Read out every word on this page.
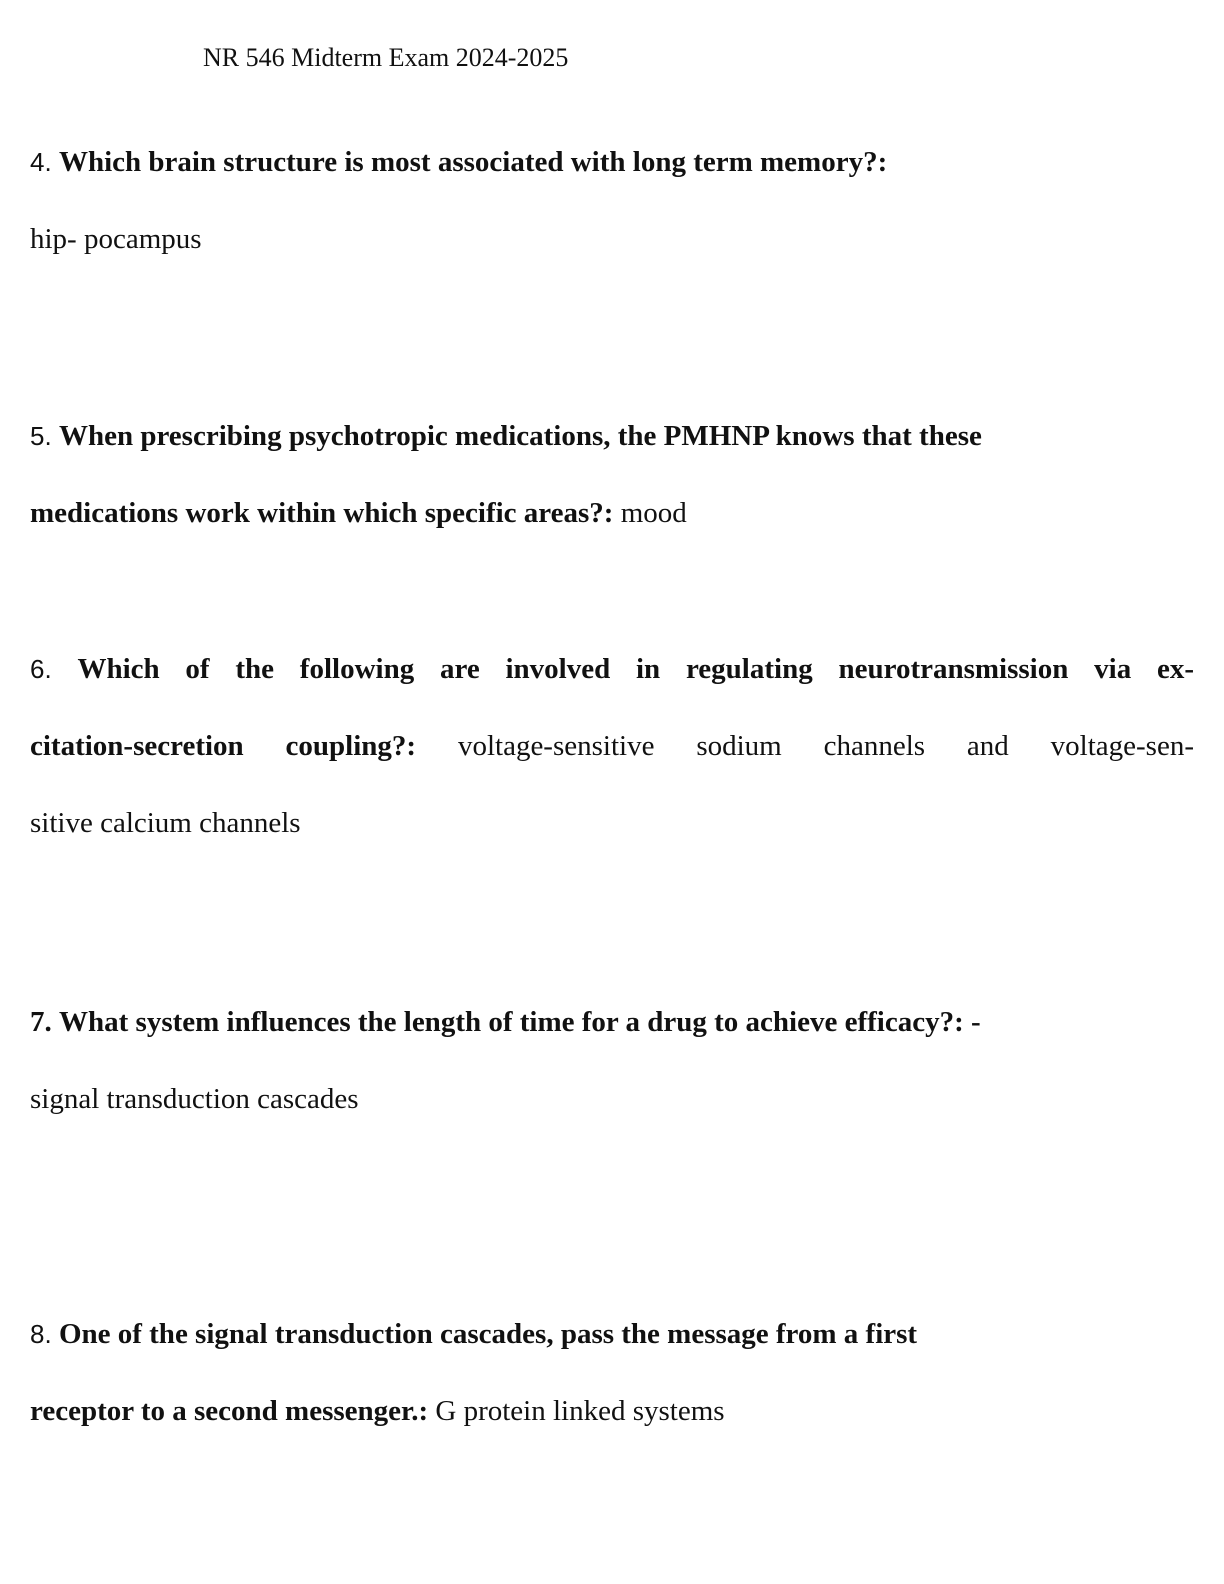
NR 546 Midterm Exam 2024-2025
4. Which brain structure is most associated with long term memory?:
hip- pocampus
5. When prescribing psychotropic medications, the PMHNP knows that these
medications work within which specific areas?: mood
6. Which of the following are involved in regulating neurotransmission via ex-
citation-secretion coupling?: voltage-sensitive sodium channels and voltage-sen-
sitive calcium channels
7. What system influences the length of time for a drug to achieve efficacy?: -
signal transduction cascades
8. One of the signal transduction cascades, pass the message from a first
receptor to a second messenger.: G protein linked systems
